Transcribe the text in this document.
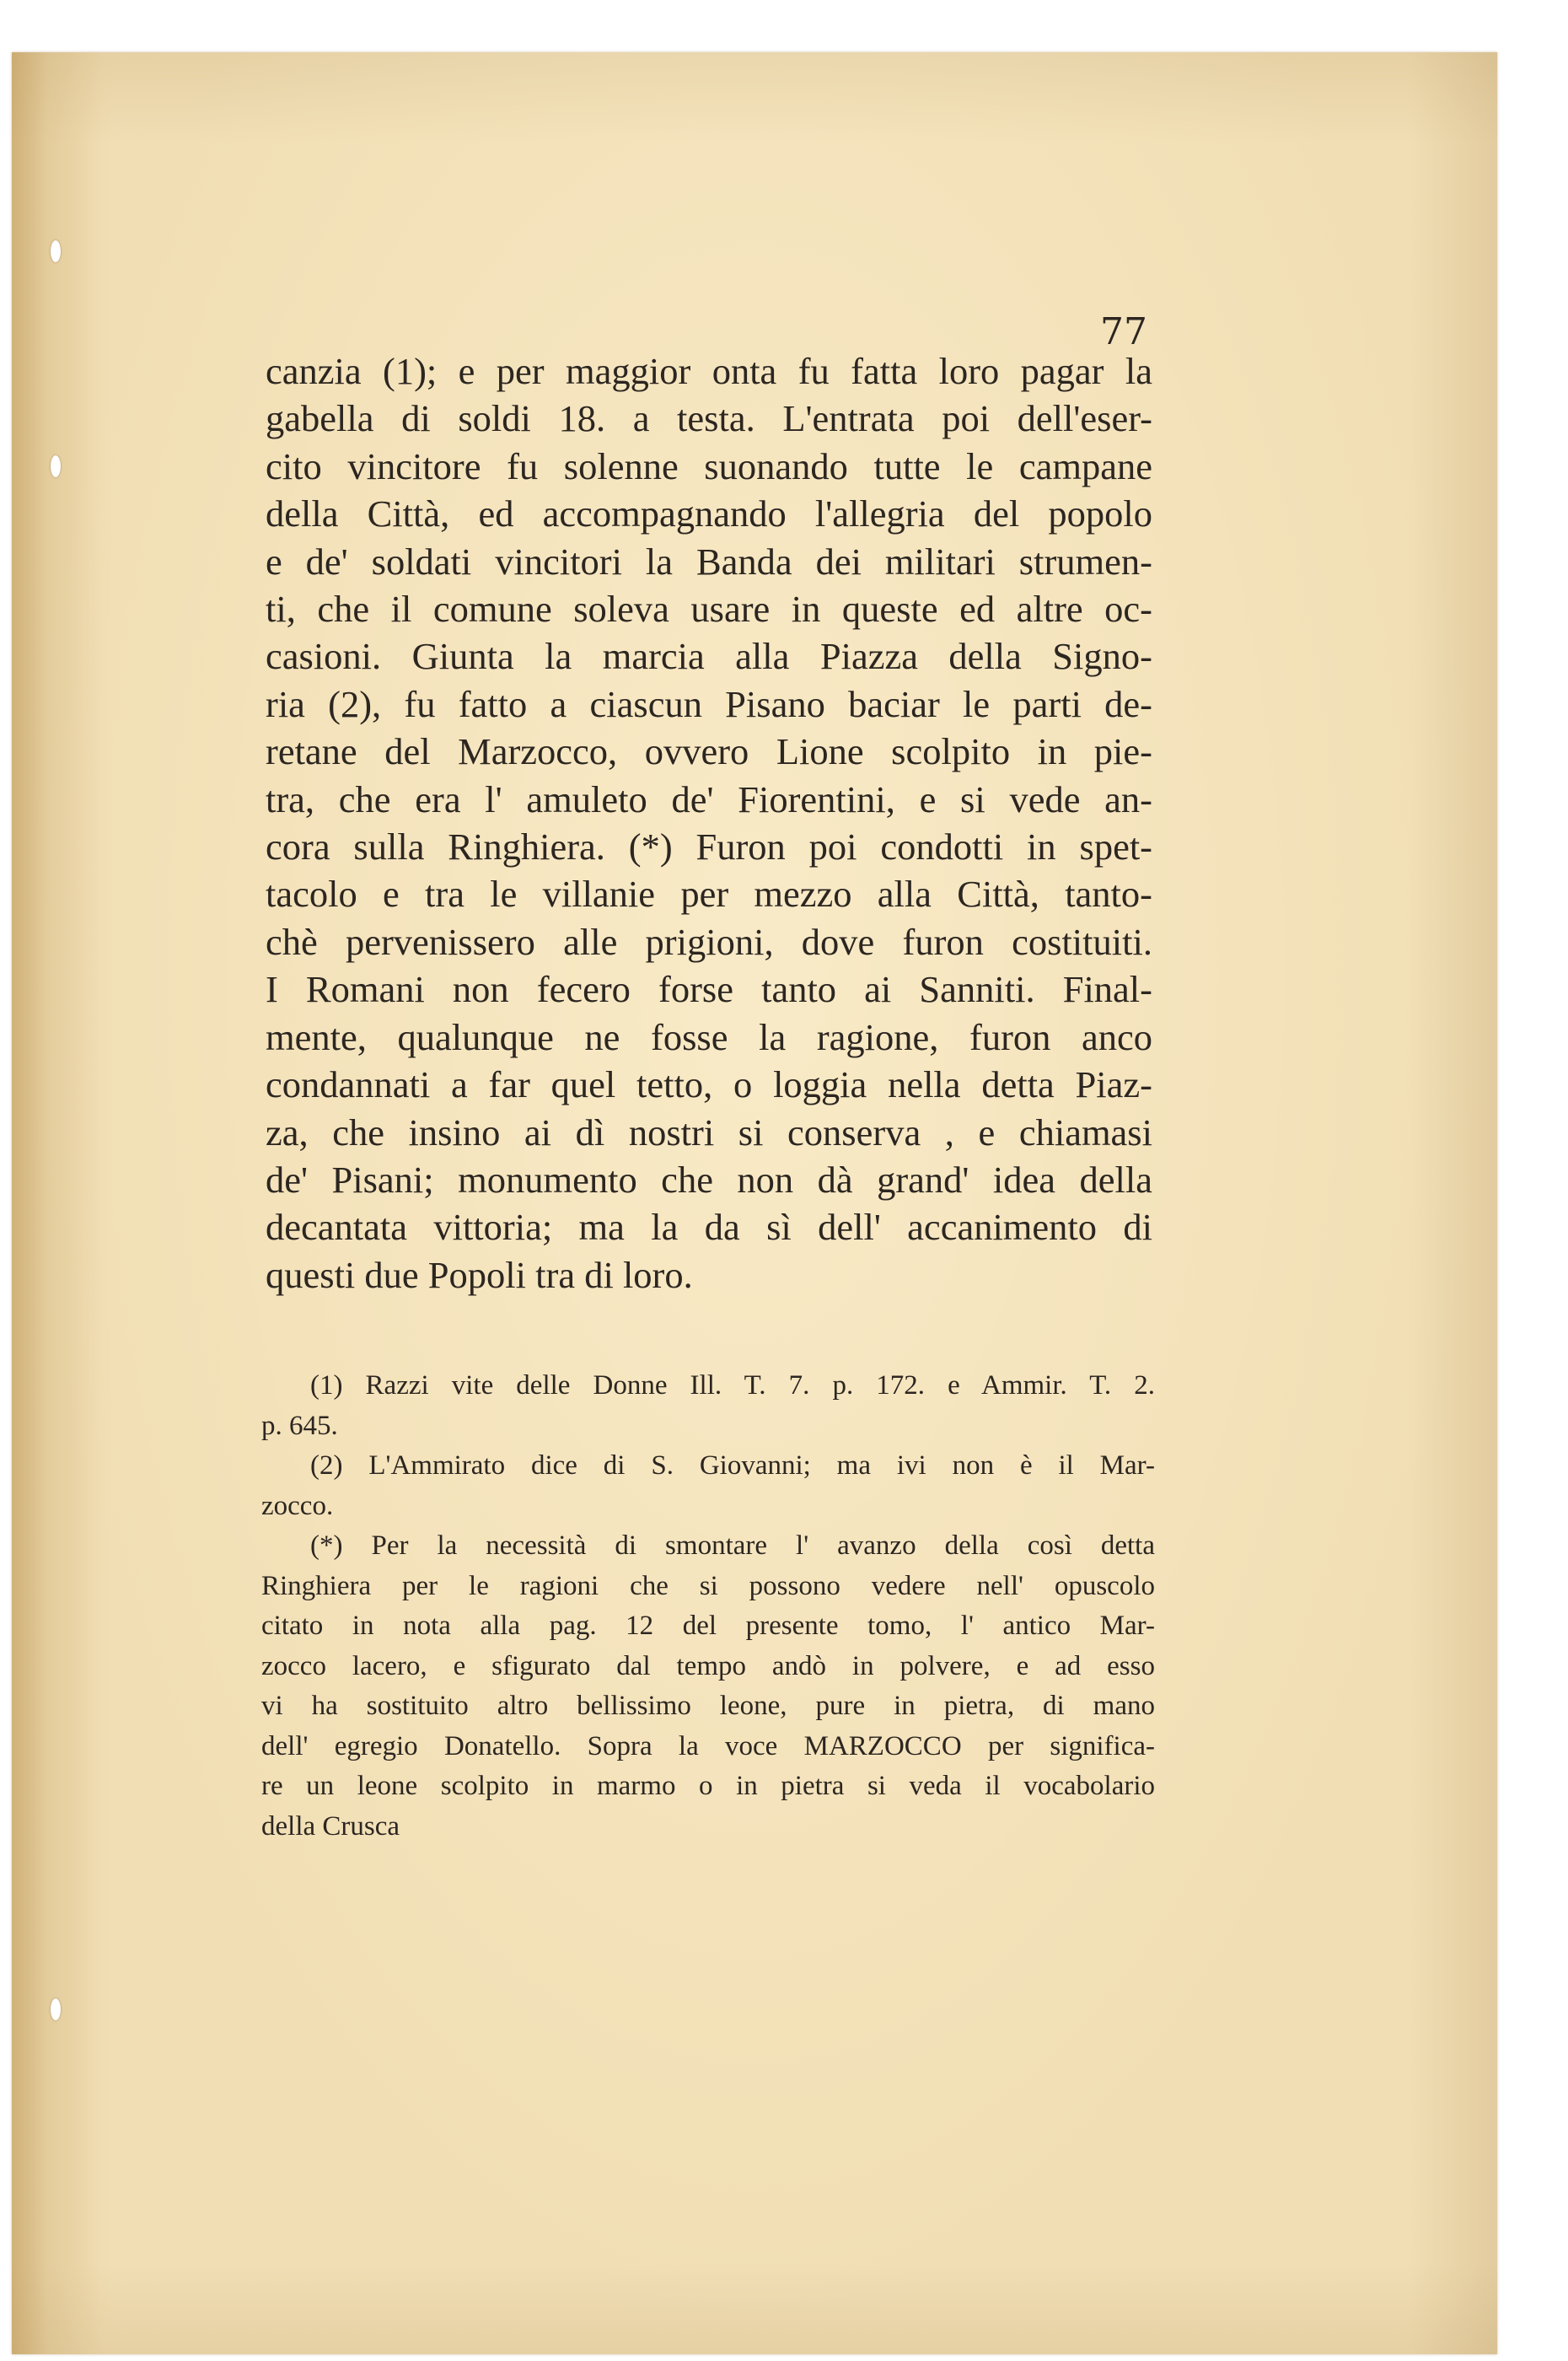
77

canzia (1); e per maggior onta fu fatta loro pagar la
gabella di soldi 18. a testa. L'entrata poi dell'eser-
cito vincitore fu solenne suonando tutte le campane
della Città, ed accompagnando l'allegria del popolo
e de' soldati vincitori la Banda dei militari strumen-
ti, che il comune soleva usare in queste ed altre oc-
casioni. Giunta la marcia alla Piazza della Signo-
ria (2), fu fatto a ciascun Pisano baciar le parti de-
retane del Marzocco, ovvero Lione scolpito in pie-
tra, che era l' amuleto de' Fiorentini, e si vede an-
cora sulla Ringhiera. (*) Furon poi condotti in spet-
tacolo e tra le villanie per mezzo alla Città, tanto-
chè pervenissero alle prigioni, dove furon costituiti.
I Romani non fecero forse tanto ai Sanniti. Final-
mente, qualunque ne fosse la ragione, furon anco
condannati a far quel tetto, o loggia nella detta Piaz-
za, che insino ai dì nostri si conserva , e chiamasi
de' Pisani; monumento che non dà grand' idea della
decantata vittoria; ma la da sì dell' accanimento di
questi due Popoli tra di loro.

(1) Razzi vite delle Donne Ill. T. 7. p. 172. e Ammir. T. 2.
p. 645.
(2) L'Ammirato dice di S. Giovanni; ma ivi non è il Mar-
zocco.
(*) Per la necessità di smontare l' avanzo della così detta
Ringhiera per le ragioni che si possono vedere nell' opuscolo
citato in nota alla pag. 12 del presente tomo, l' antico Mar-
zocco lacero, e sfigurato dal tempo andò in polvere, e ad esso
vi ha sostituito altro bellissimo leone, pure in pietra, di mano
dell' egregio Donatello. Sopra la voce MARZOCCO per significa-
re un leone scolpito in marmo o in pietra si veda il vocabolario
della Crusca
